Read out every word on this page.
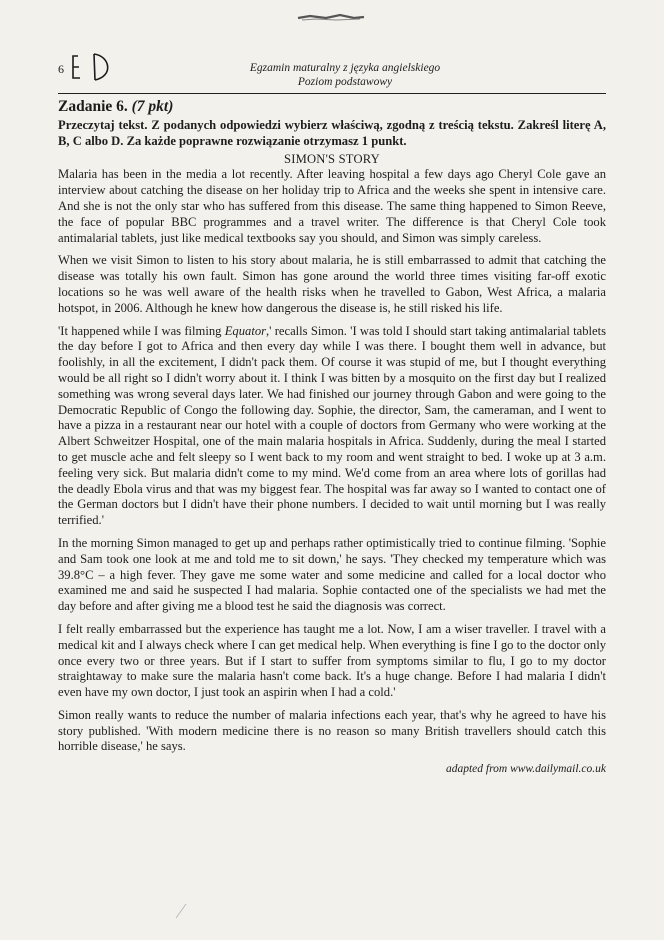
6	Egzamin maturalny z języka angielskiego
Poziom podstawowy

Zadanie 6. (7 pkt)

Przeczytaj tekst. Z podanych odpowiedzi wybierz właściwą, zgodną z treścią tekstu. Zakreśl literę A, B, C albo D. Za każde poprawne rozwiązanie otrzymasz 1 punkt.

SIMON'S STORY

Malaria has been in the media a lot recently. After leaving hospital a few days ago Cheryl Cole gave an interview about catching the disease on her holiday trip to Africa and the weeks she spent in intensive care. And she is not the only star who has suffered from this disease. The same thing happened to Simon Reeve, the face of popular BBC programmes and a travel writer. The difference is that Cheryl Cole took antimalarial tablets, just like medical textbooks say you should, and Simon was simply careless.

When we visit Simon to listen to his story about malaria, he is still embarrassed to admit that catching the disease was totally his own fault. Simon has gone around the world three times visiting far-off exotic locations so he was well aware of the health risks when he travelled to Gabon, West Africa, a malaria hotspot, in 2006. Although he knew how dangerous the disease is, he still risked his life.

'It happened while I was filming Equator,' recalls Simon. 'I was told I should start taking antimalarial tablets the day before I got to Africa and then every day while I was there. I bought them well in advance, but foolishly, in all the excitement, I didn't pack them. Of course it was stupid of me, but I thought everything would be all right so I didn't worry about it. I think I was bitten by a mosquito on the first day but I realized something was wrong several days later. We had finished our journey through Gabon and were going to the Democratic Republic of Congo the following day. Sophie, the director, Sam, the cameraman, and I went to have a pizza in a restaurant near our hotel with a couple of doctors from Germany who were working at the Albert Schweitzer Hospital, one of the main malaria hospitals in Africa. Suddenly, during the meal I started to get muscle ache and felt sleepy so I went back to my room and went straight to bed. I woke up at 3 a.m. feeling very sick. But malaria didn't come to my mind. We'd come from an area where lots of gorillas had the deadly Ebola virus and that was my biggest fear. The hospital was far away so I wanted to contact one of the German doctors but I didn't have their phone numbers. I decided to wait until morning but I was really terrified.'

In the morning Simon managed to get up and perhaps rather optimistically tried to continue filming. 'Sophie and Sam took one look at me and told me to sit down,' he says. 'They checked my temperature which was 39.8°C – a high fever. They gave me some water and some medicine and called for a local doctor who examined me and said he suspected I had malaria. Sophie contacted one of the specialists we had met the day before and after giving me a blood test he said the diagnosis was correct.

I felt really embarrassed but the experience has taught me a lot. Now, I am a wiser traveller. I travel with a medical kit and I always check where I can get medical help. When everything is fine I go to the doctor only once every two or three years. But if I start to suffer from symptoms similar to flu, I go to my doctor straightaway to make sure the malaria hasn't come back. It's a huge change. Before I had malaria I didn't even have my own doctor, I just took an aspirin when I had a cold.'

Simon really wants to reduce the number of malaria infections each year, that's why he agreed to have his story published. 'With modern medicine there is no reason so many British travellers should catch this horrible disease,' he says.

adapted from www.dailymail.co.uk
